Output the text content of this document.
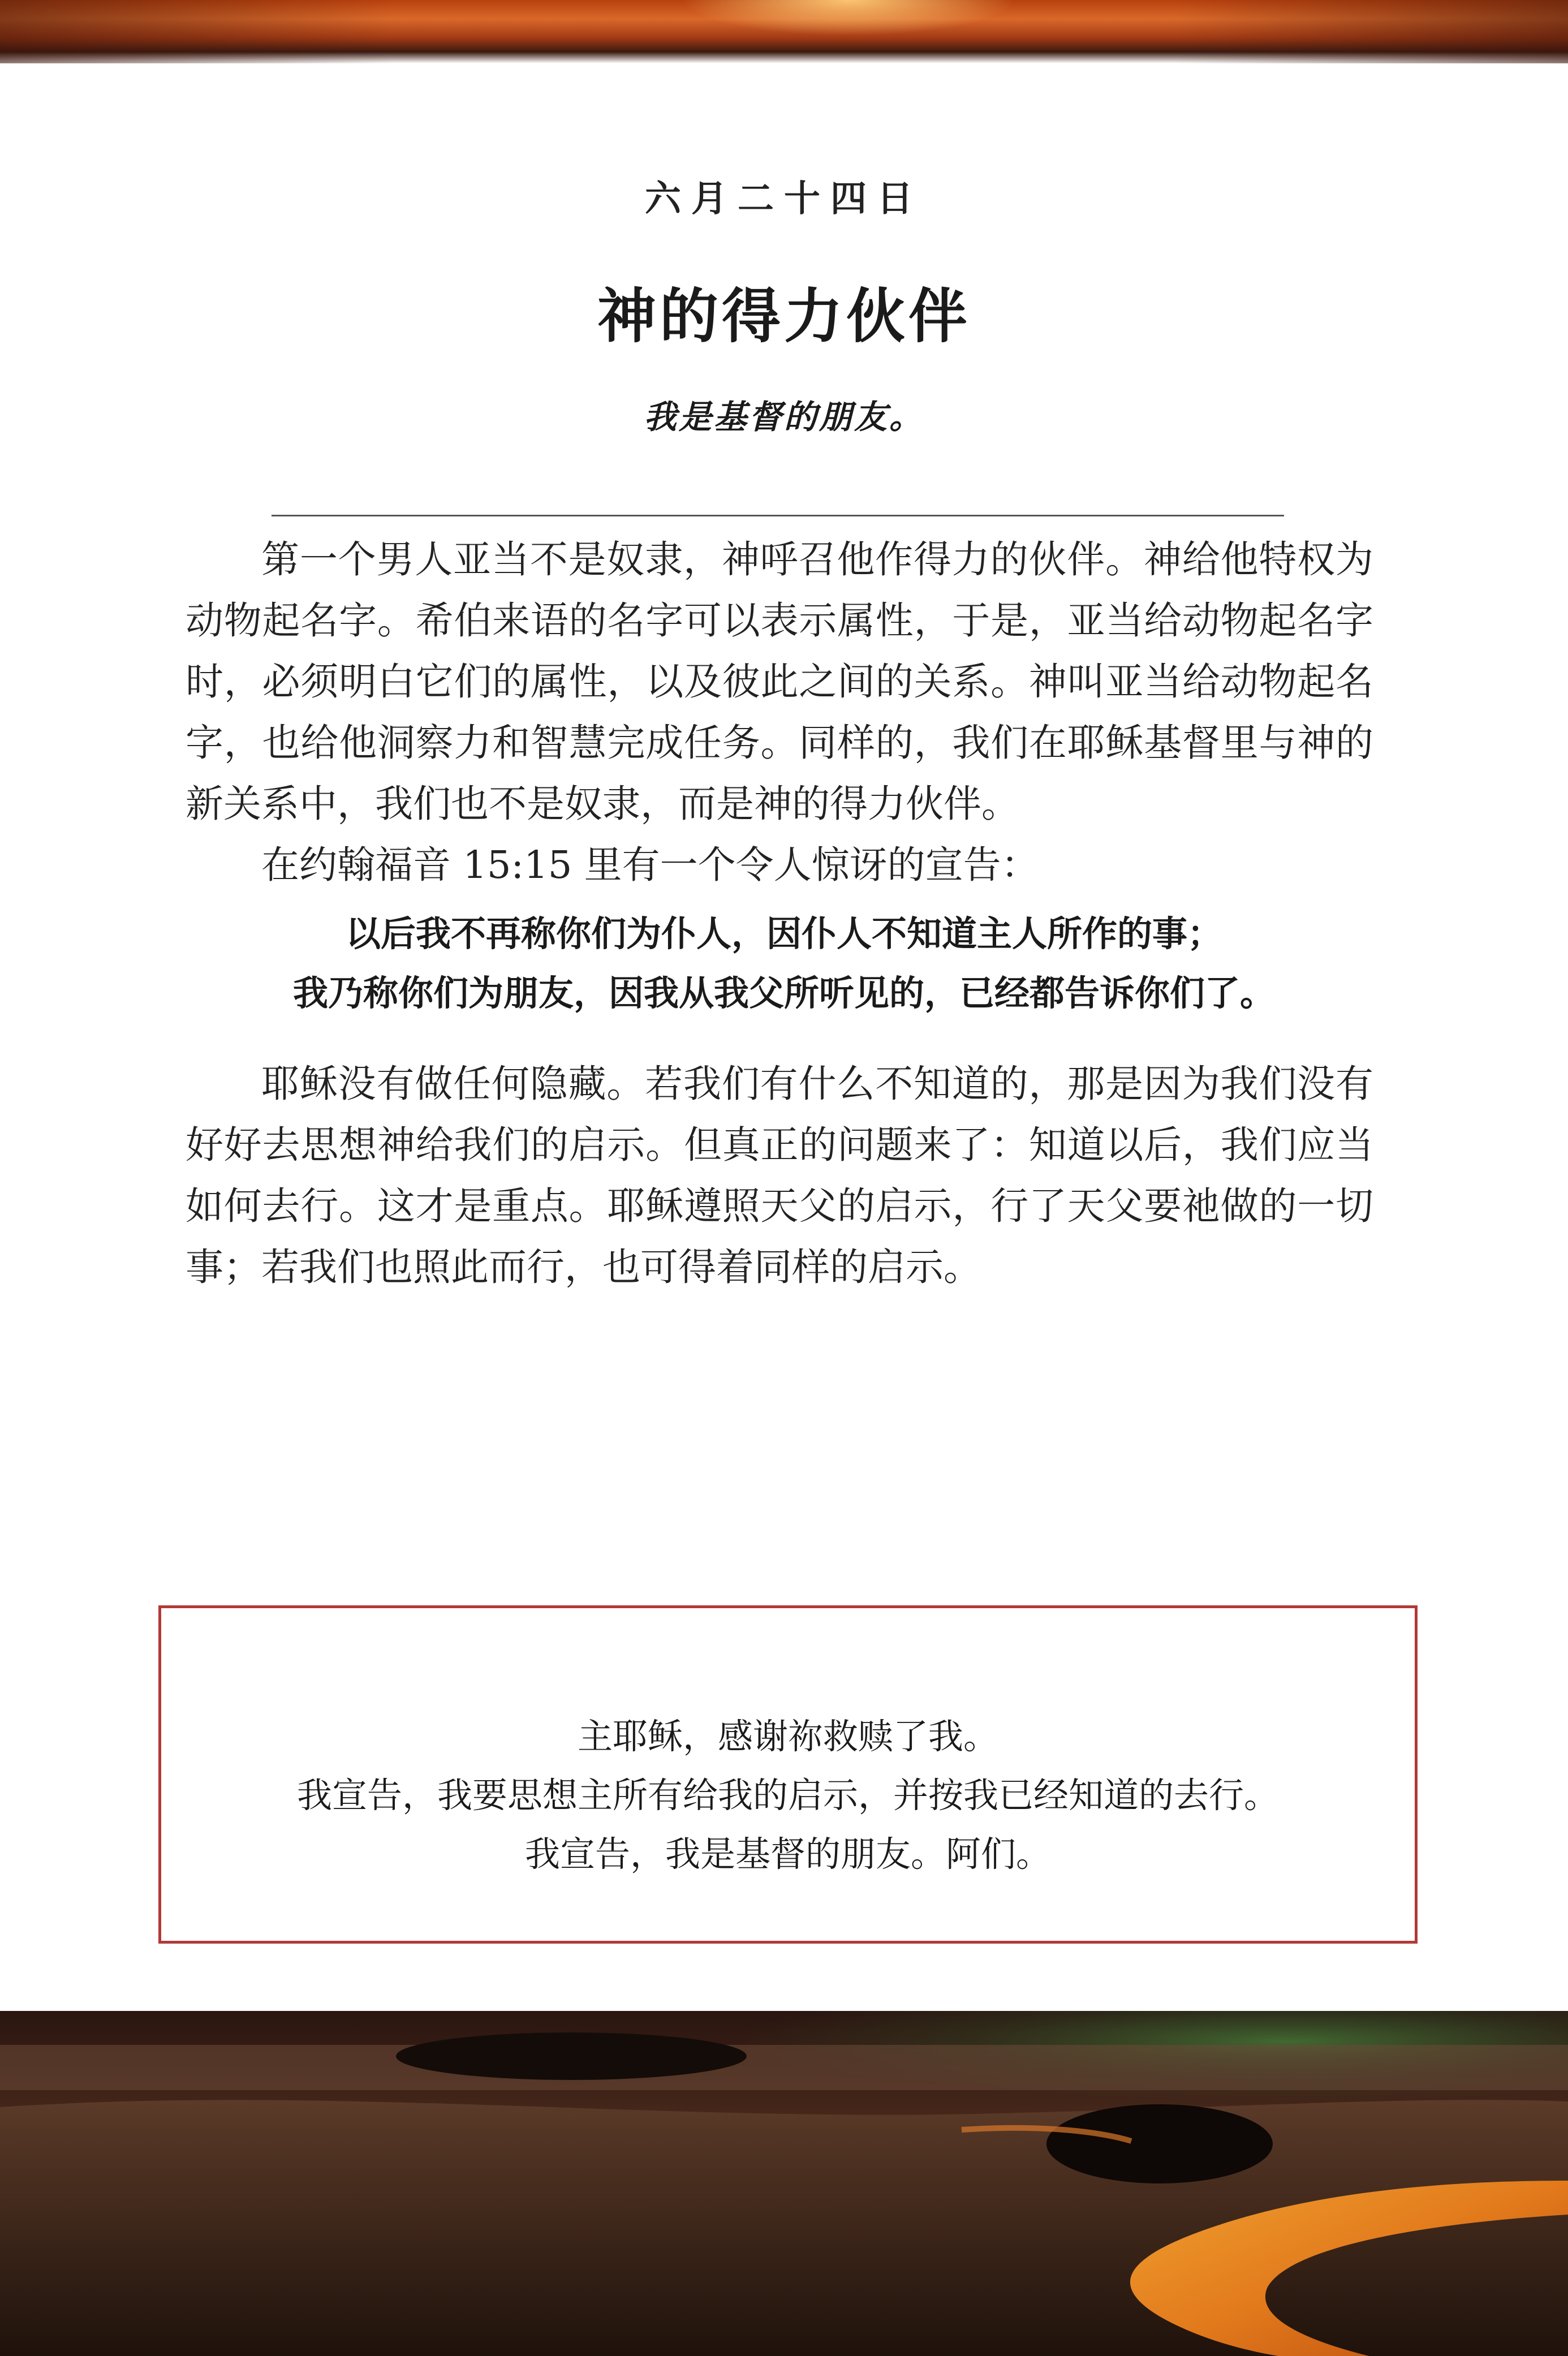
六月二十四日
神的得力伙伴
我是基督的朋友。

第一个男人亚当不是奴隶，神呼召他作得力的伙伴。神给他特权为动物起名字。希伯来语的名字可以表示属性，于是，亚当给动物起名字时，必须明白它们的属性，以及彼此之间的关系。神叫亚当给动物起名字，也给他洞察力和智慧完成任务。同样的，我们在耶稣基督里与神的新关系中，我们也不是奴隶，而是神的得力伙伴。

在约翰福音 15:15 里有一个令人惊讶的宣告：

以后我不再称你们为仆人，因仆人不知道主人所作的事；
我乃称你们为朋友，因我从我父所听见的，已经都告诉你们了。

耶稣没有做任何隐藏。若我们有什么不知道的，那是因为我们没有好好去思想神给我们的启示。但真正的问题来了：知道以后，我们应当如何去行。这才是重点。耶稣遵照天父的启示，行了天父要祂做的一切事；若我们也照此而行，也可得着同样的启示。

主耶稣，感谢祢救赎了我。
我宣告，我要思想主所有给我的启示，并按我已经知道的去行。
我宣告，我是基督的朋友。阿们。
